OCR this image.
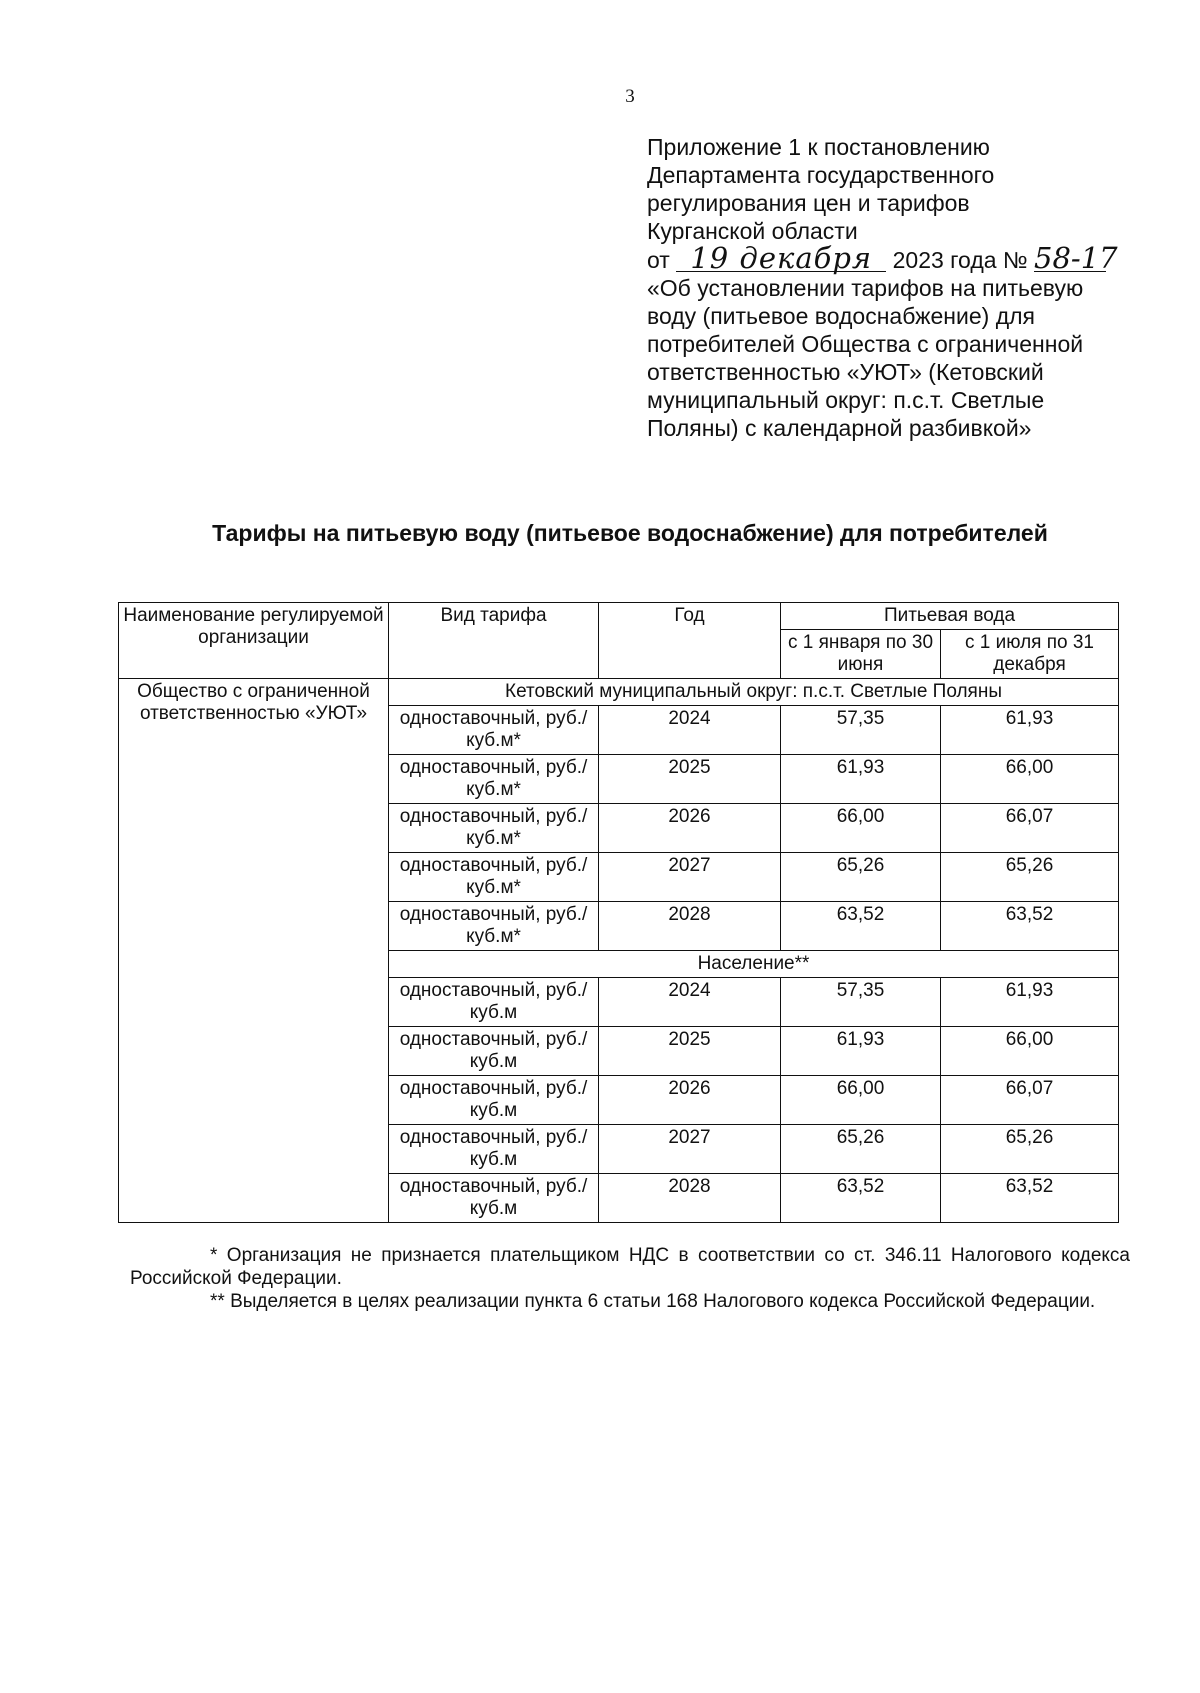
3
Приложение 1 к постановлению
Департамента государственного
регулирования цен и тарифов
Курганской области
от 19 декабря 2023 года № 58-17
«Об установлении тарифов на питьевую
воду (питьевое водоснабжение) для
потребителей Общества с ограниченной
ответственностью «УЮТ» (Кетовский
муниципальный округ: п.с.т. Светлые
Поляны) с календарной разбивкой»
Тарифы на питьевую воду (питьевое водоснабжение) для потребителей
Наименование регулируемой организации	Вид тарифа	Год	Питьевая вода	
			с 1 января по 30 июня	с 1 июля по 31 декабря
Общество с ограниченной ответственностью «УЮТ»	Кетовский муниципальный округ: п.с.т. Светлые Поляны			
	одноставочный, руб./куб.м*	2024	57,35	61,93
	одноставочный, руб./куб.м*	2025	61,93	66,00
	одноставочный, руб./куб.м*	2026	66,00	66,07
	одноставочный, руб./куб.м*	2027	65,26	65,26
	одноставочный, руб./куб.м*	2028	63,52	63,52
	Население**			
	одноставочный, руб./куб.м	2024	57,35	61,93
	одноставочный, руб./куб.м	2025	61,93	66,00
	одноставочный, руб./куб.м	2026	66,00	66,07
	одноставочный, руб./куб.м	2027	65,26	65,26
	одноставочный, руб./куб.м	2028	63,52	63,52

* Организация не признается плательщиком НДС в соответствии со ст. 346.11 Налогового кодекса Российской Федерации.

** Выделяется в целях реализации пункта 6 статьи 168 Налогового кодекса Российской Федерации.
